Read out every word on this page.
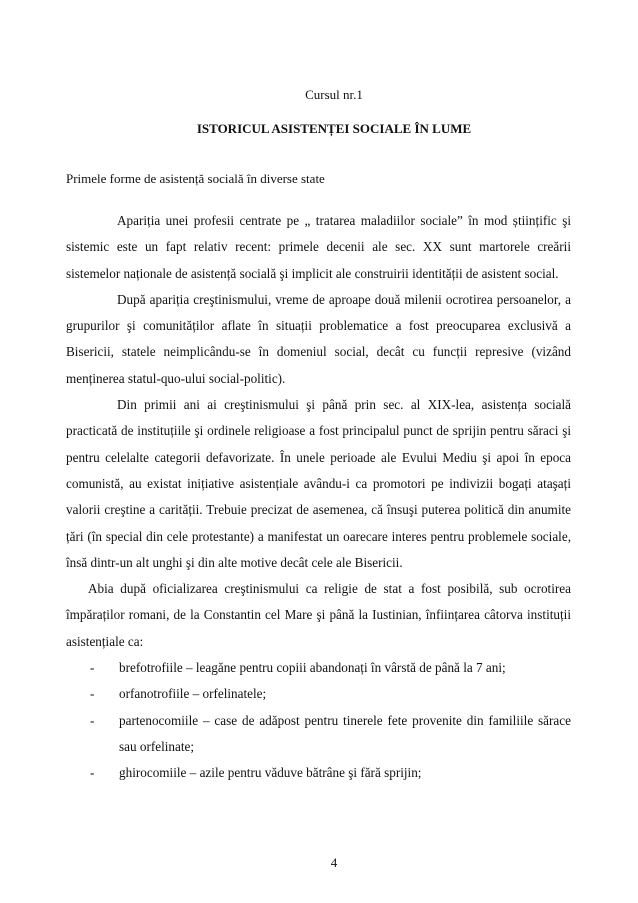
Cursul nr.1
ISTORICUL ASISTENȚEI SOCIALE ÎN LUME
Primele forme de asistență socială în diverse state

Apariția unei profesii centrate pe „ tratarea maladiilor sociale” în mod științific şi sistemic este un fapt relativ recent: primele decenii ale sec. XX sunt martorele creării sistemelor naționale de asistență socială şi implicit ale construirii identității de asistent social.

După apariția creştinismului, vreme de aproape două milenii ocrotirea persoanelor, a grupurilor şi comunităților aflate în situații problematice a fost preocuparea exclusivă a Bisericii, statele neimplicându-se în domeniul social, decât cu funcții represive (vizând menținerea statul-quo-ului social-politic).

Din primii ani ai creştinismului şi până prin sec. al XIX-lea, asistența socială practicată de instituțiile şi ordinele religioase a fost principalul punct de sprijin pentru săraci şi pentru celelalte categorii defavorizate. În unele perioade ale Evului Mediu şi apoi în epoca comunistă, au existat inițiative asistențiale avându-i ca promotori pe indivizii bogați ataşați valorii creştine a carității. Trebuie precizat de asemenea, că însuşi puterea politică din anumite țări (în special din cele protestante) a manifestat un oarecare interes pentru problemele sociale, însă dintr-un alt unghi şi din alte motive decât cele ale Bisericii.

Abia după oficializarea creştinismului ca religie de stat a fost posibilă, sub ocrotirea împăraților romani, de la Constantin cel Mare şi până la Iustinian, înființarea câtorva instituții asistențiale ca:

-	brefotrofiile – leagăne pentru copiii abandonați în vârstă de până la 7 ani;
-	orfanotrofiile – orfelinatele;
-	partenocomiile – case de adăpost pentru tinerele fete provenite din familiile sărace sau orfelinate;
-	ghirocomiile – azile pentru văduve bătrâne şi fără sprijin;
4
